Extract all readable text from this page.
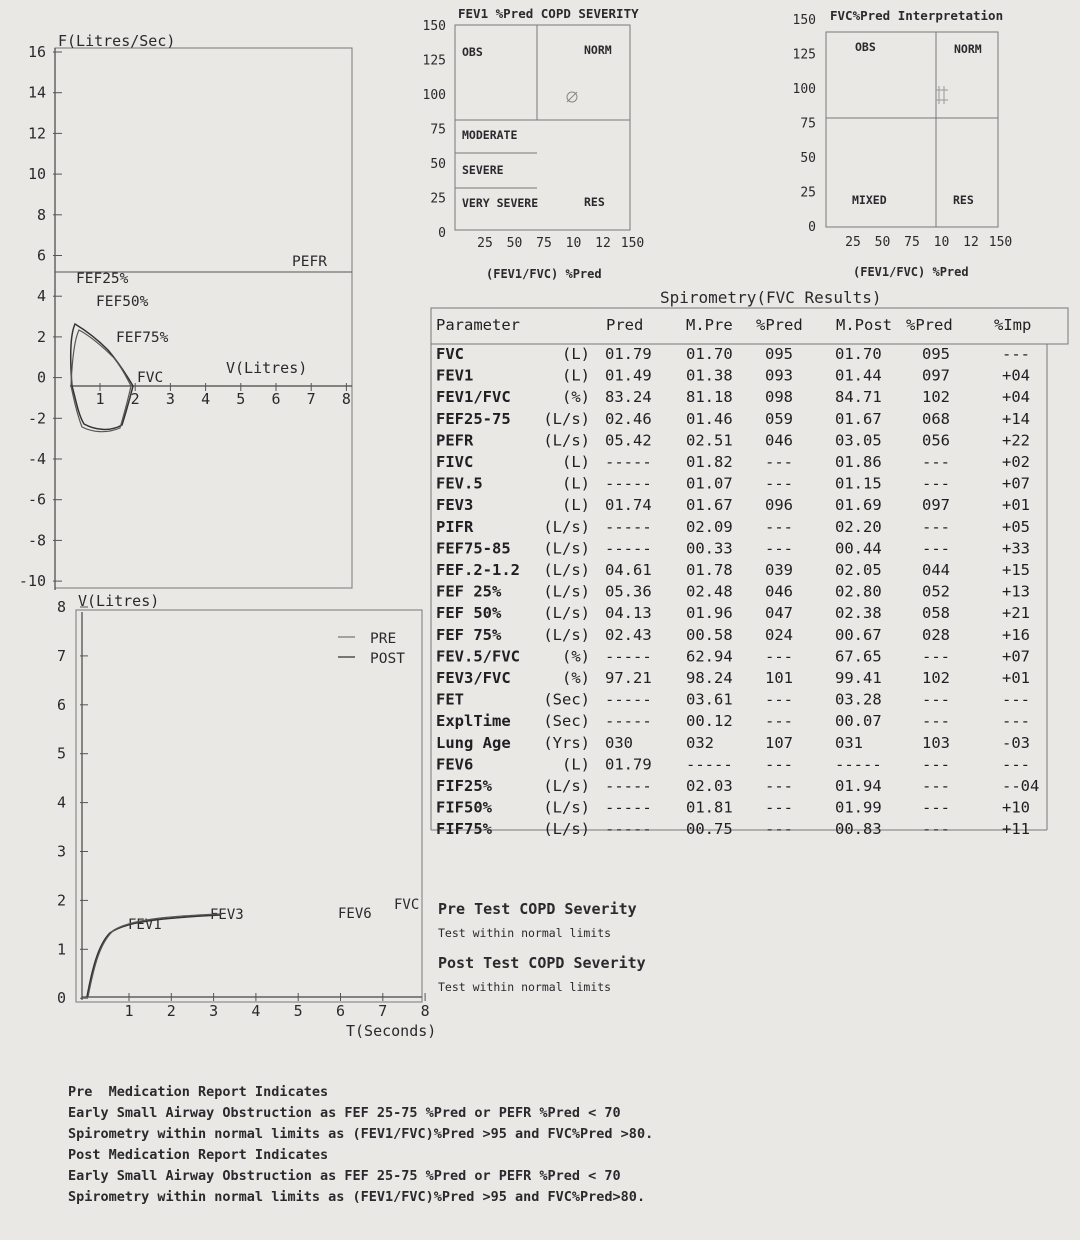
16
14
12
10
8
6
4
2
0
-2
-4
-6
-8
-10
1 2 3 4 5 6 7 8
F(Litres/Sec)
V(Litres)
PEFR
FEF25%
FEF50%
FEF75%
FVC
8
7
6
5
4
3
2
1
0
1 2 3 4 5 6 7 8
V(Litres)
T(Seconds)
PRE
POST
FEV1
FEV3	FEV6
FVC
FEV1 %Pred COPD SEVERITY
OBS	NORM
MODERATE
SEVERE
VERY SEVERE	RES
150
125
100
75
50
25
0
25 50 75 10 12 150
(FEV1/FVC) %Pred
FVC%Pred Interpretation
OBS	NORM
MIXED	RES
150
125
100
75
50
25
0
25 50 75 10 12 150
(FEV1/FVC) %Pred
Spirometry(FVC Results)
Parameter	Pred	M.Pre %Pred M.Post %Pred	%Imp
FVC	(L) 01.79 01.70 095	01.70	095	---
FEV1	(L) 01.49 01.38 093	01.44	097	+04
FEV1/FVC	(%) 83.24 81.18 098	84.71	102	+04
FEF25-75 (L/s) 02.46 01.46 059	01.67	068	+14
PEFR	(L/s) 05.42 02.51 046	03.05	056	+22
FIVC	(L) ----- 01.82 ---	01.86	---	+02
FEV.5	(L) ----- 01.07 ---	01.15	---	+07
FEV3	(L) 01.74 01.67 096	01.69	097	+01
PIFR	(L/s) ----- 02.09 ---	02.20	---	+05
FEF75-85 (L/s) ----- 00.33 ---	00.44	---	+33
FEF.2-1.2 (L/s) 04.61 01.78 039	02.05	044	+15
FEF 25%	(L/s) 05.36 02.48 046	02.80	052	+13
FEF 50%	(L/s) 04.13 01.96 047	02.38	058	+21
FEF 75%	(L/s) 02.43 00.58 024	00.67	028	+16
FEV.5/FVC	(%) ----- 62.94 ---	67.65	---	+07
FEV3/FVC	(%) 97.21 98.24 101	99.41	102	+01
FET	(Sec) ----- 03.61 ---	03.28	---	---
ExplTime (Sec) ----- 00.12 ---	00.07	---	---
Lung Age (Yrs) 030	032	107	031	103	-03
FEV6	(L) 01.79 ----- ---	-----	---	---
FIF25%	(L/s) ----- 02.03 ---	01.94	---	--04
FIF50%	(L/s) ----- 01.81 ---	01.99	---	+10
FIF75%	(L/s) ----- 00.75 ---	00.83	---	+11
Pre Test COPD Severity
Test within normal limits
Post Test COPD Severity
Test within normal limits
Pre  Medication Report Indicates
Early Small Airway Obstruction as FEF 25-75 %Pred or PEFR %Pred < 70
Spirometry within normal limits as (FEV1/FVC)%Pred >95 and FVC%Pred >80.
Post Medication Report Indicates
Early Small Airway Obstruction as FEF 25-75 %Pred or PEFR %Pred < 70
Spirometry within normal limits as (FEV1/FVC)%Pred >95 and FVC%Pred>80.
